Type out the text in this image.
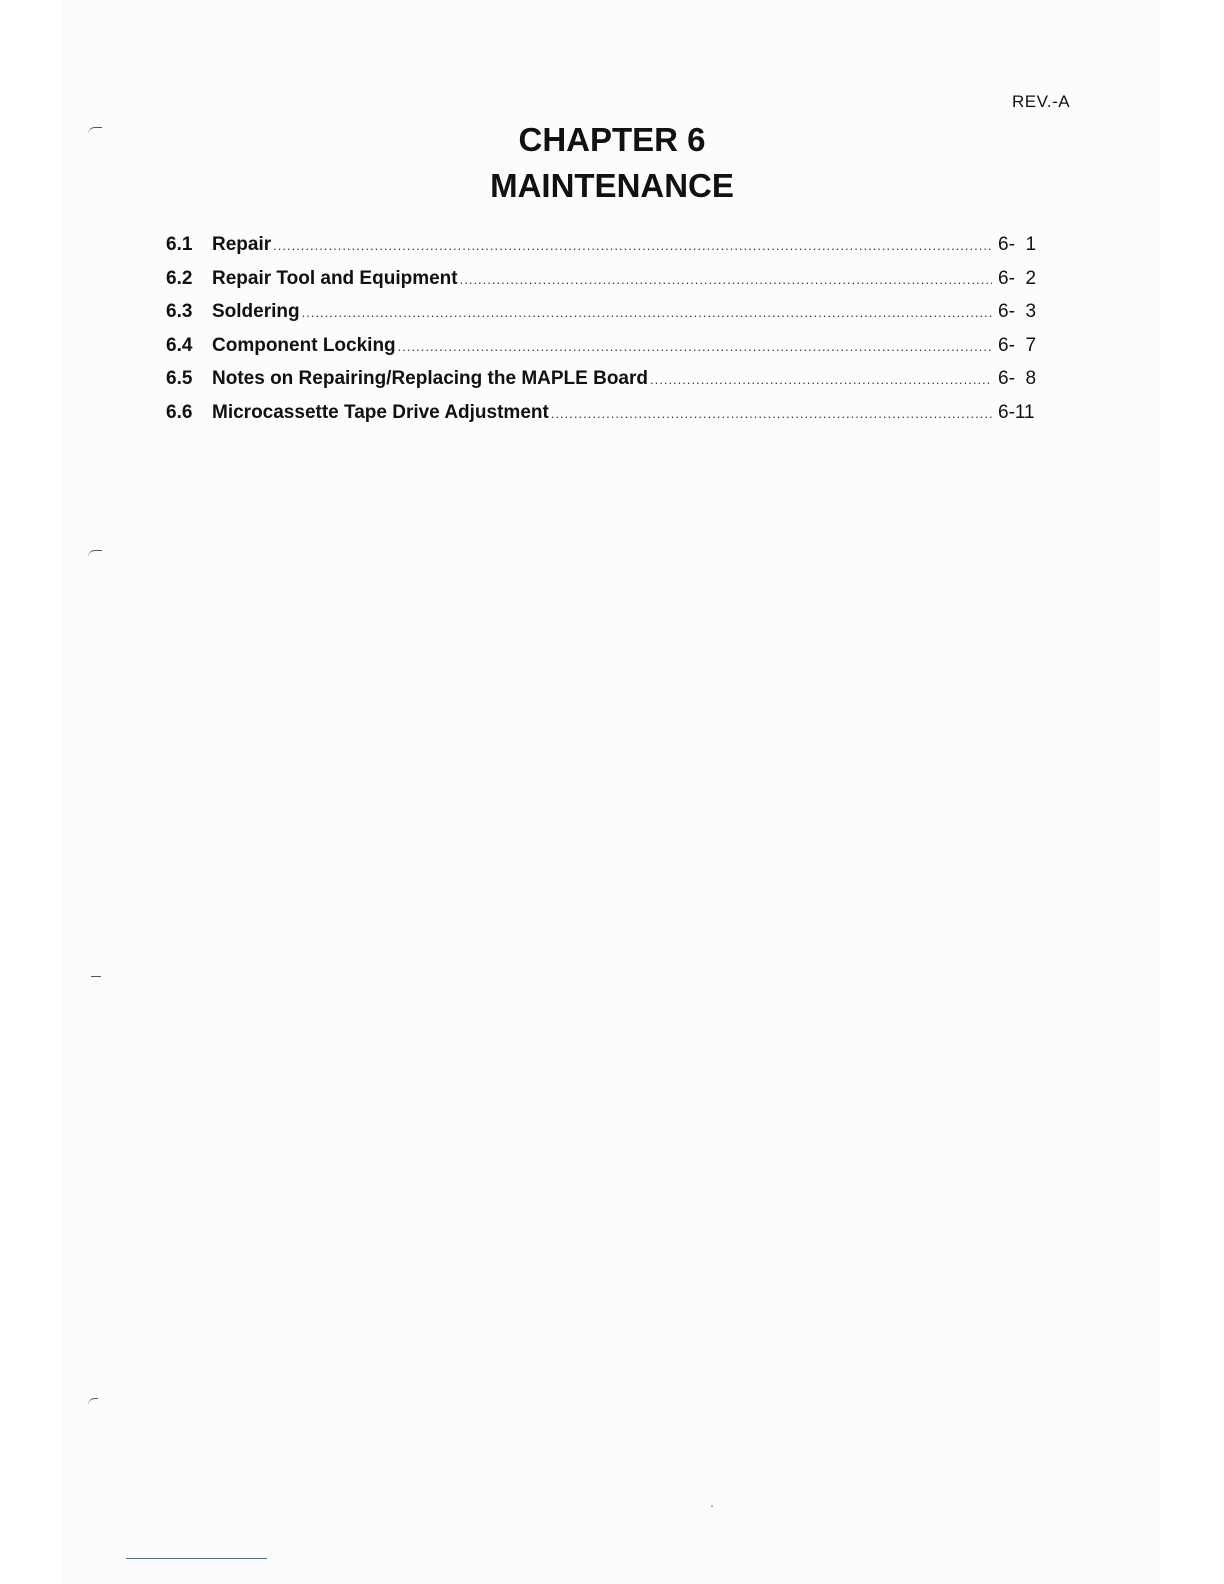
REV.-A
CHAPTER 6
MAINTENANCE
6.1	Repair .....	6-  1
6.2	Repair Tool and Equipment .....	6-  2
6.3	Soldering .....	6-  3
6.4	Component Locking .....	6-  7
6.5	Notes on Repairing/Replacing the MAPLE Board .....	6-  8
6.6	Microcassette Tape Drive Adjustment .....	6-11
